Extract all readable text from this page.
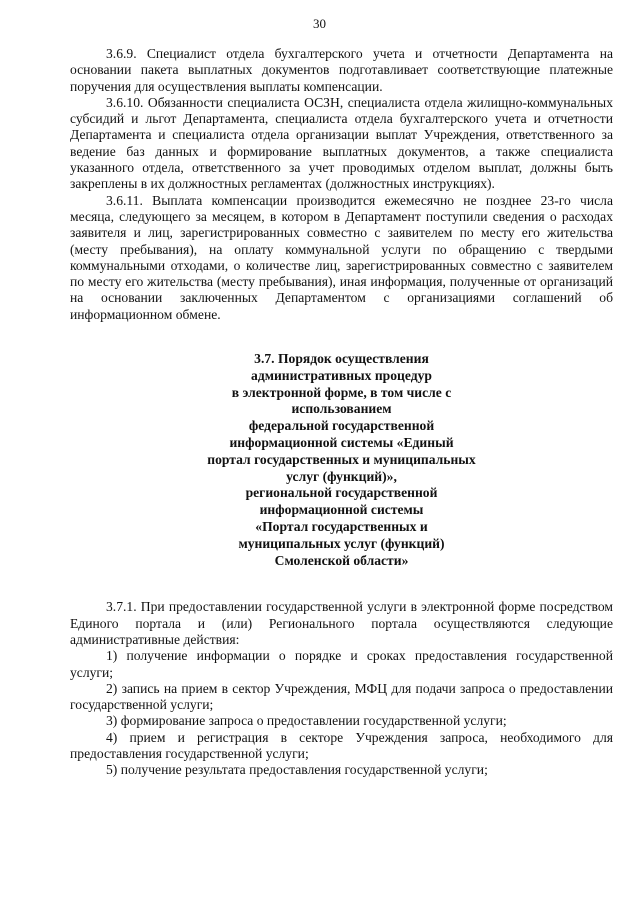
30

3.6.9. Специалист отдела бухгалтерского учета и отчетности Департамента на основании пакета выплатных документов подготавливает соответствующие платежные поручения для осуществления выплаты компенсации.

3.6.10. Обязанности специалиста ОСЗН, специалиста отдела жилищно-коммунальных субсидий и льгот Департамента, специалиста отдела бухгалтерского учета и отчетности Департамента и специалиста отдела организации выплат Учреждения, ответственного за ведение баз данных и формирование выплатных документов, а также специалиста указанного отдела, ответственного за учет проводимых отделом выплат, должны быть закреплены в их должностных регламентах (должностных инструкциях).

3.6.11. Выплата компенсации производится ежемесячно не позднее 23-го числа месяца, следующего за месяцем, в котором в Департамент поступили сведения о расходах заявителя и лиц, зарегистрированных совместно с заявителем по месту его жительства (месту пребывания), на оплату коммунальной услуги по обращению с твердыми коммунальными отходами, о количестве лиц, зарегистрированных совместно с заявителем по месту его жительства (месту пребывания), иная информация, полученные от организаций на основании заключенных Департаментом с организациями соглашений об информационном обмене.

3.7. Порядок осуществления
административных процедур
в электронной форме, в том числе с
использованием
федеральной государственной
информационной системы «Единый
портал государственных и муниципальных
услуг (функций)»,
региональной государственной
информационной системы
«Портал государственных и
муниципальных услуг (функций)
Смоленской области»

3.7.1. При предоставлении государственной услуги в электронной форме посредством Единого портала и (или) Регионального портала осуществляются следующие административные действия:

1) получение информации о порядке и сроках предоставления государственной услуги;

2) запись на прием в сектор Учреждения, МФЦ для подачи запроса о предоставлении государственной услуги;

3) формирование запроса о предоставлении государственной услуги;

4) прием и регистрация в секторе Учреждения запроса, необходимого для предоставления государственной услуги;

5) получение результата предоставления государственной услуги;
